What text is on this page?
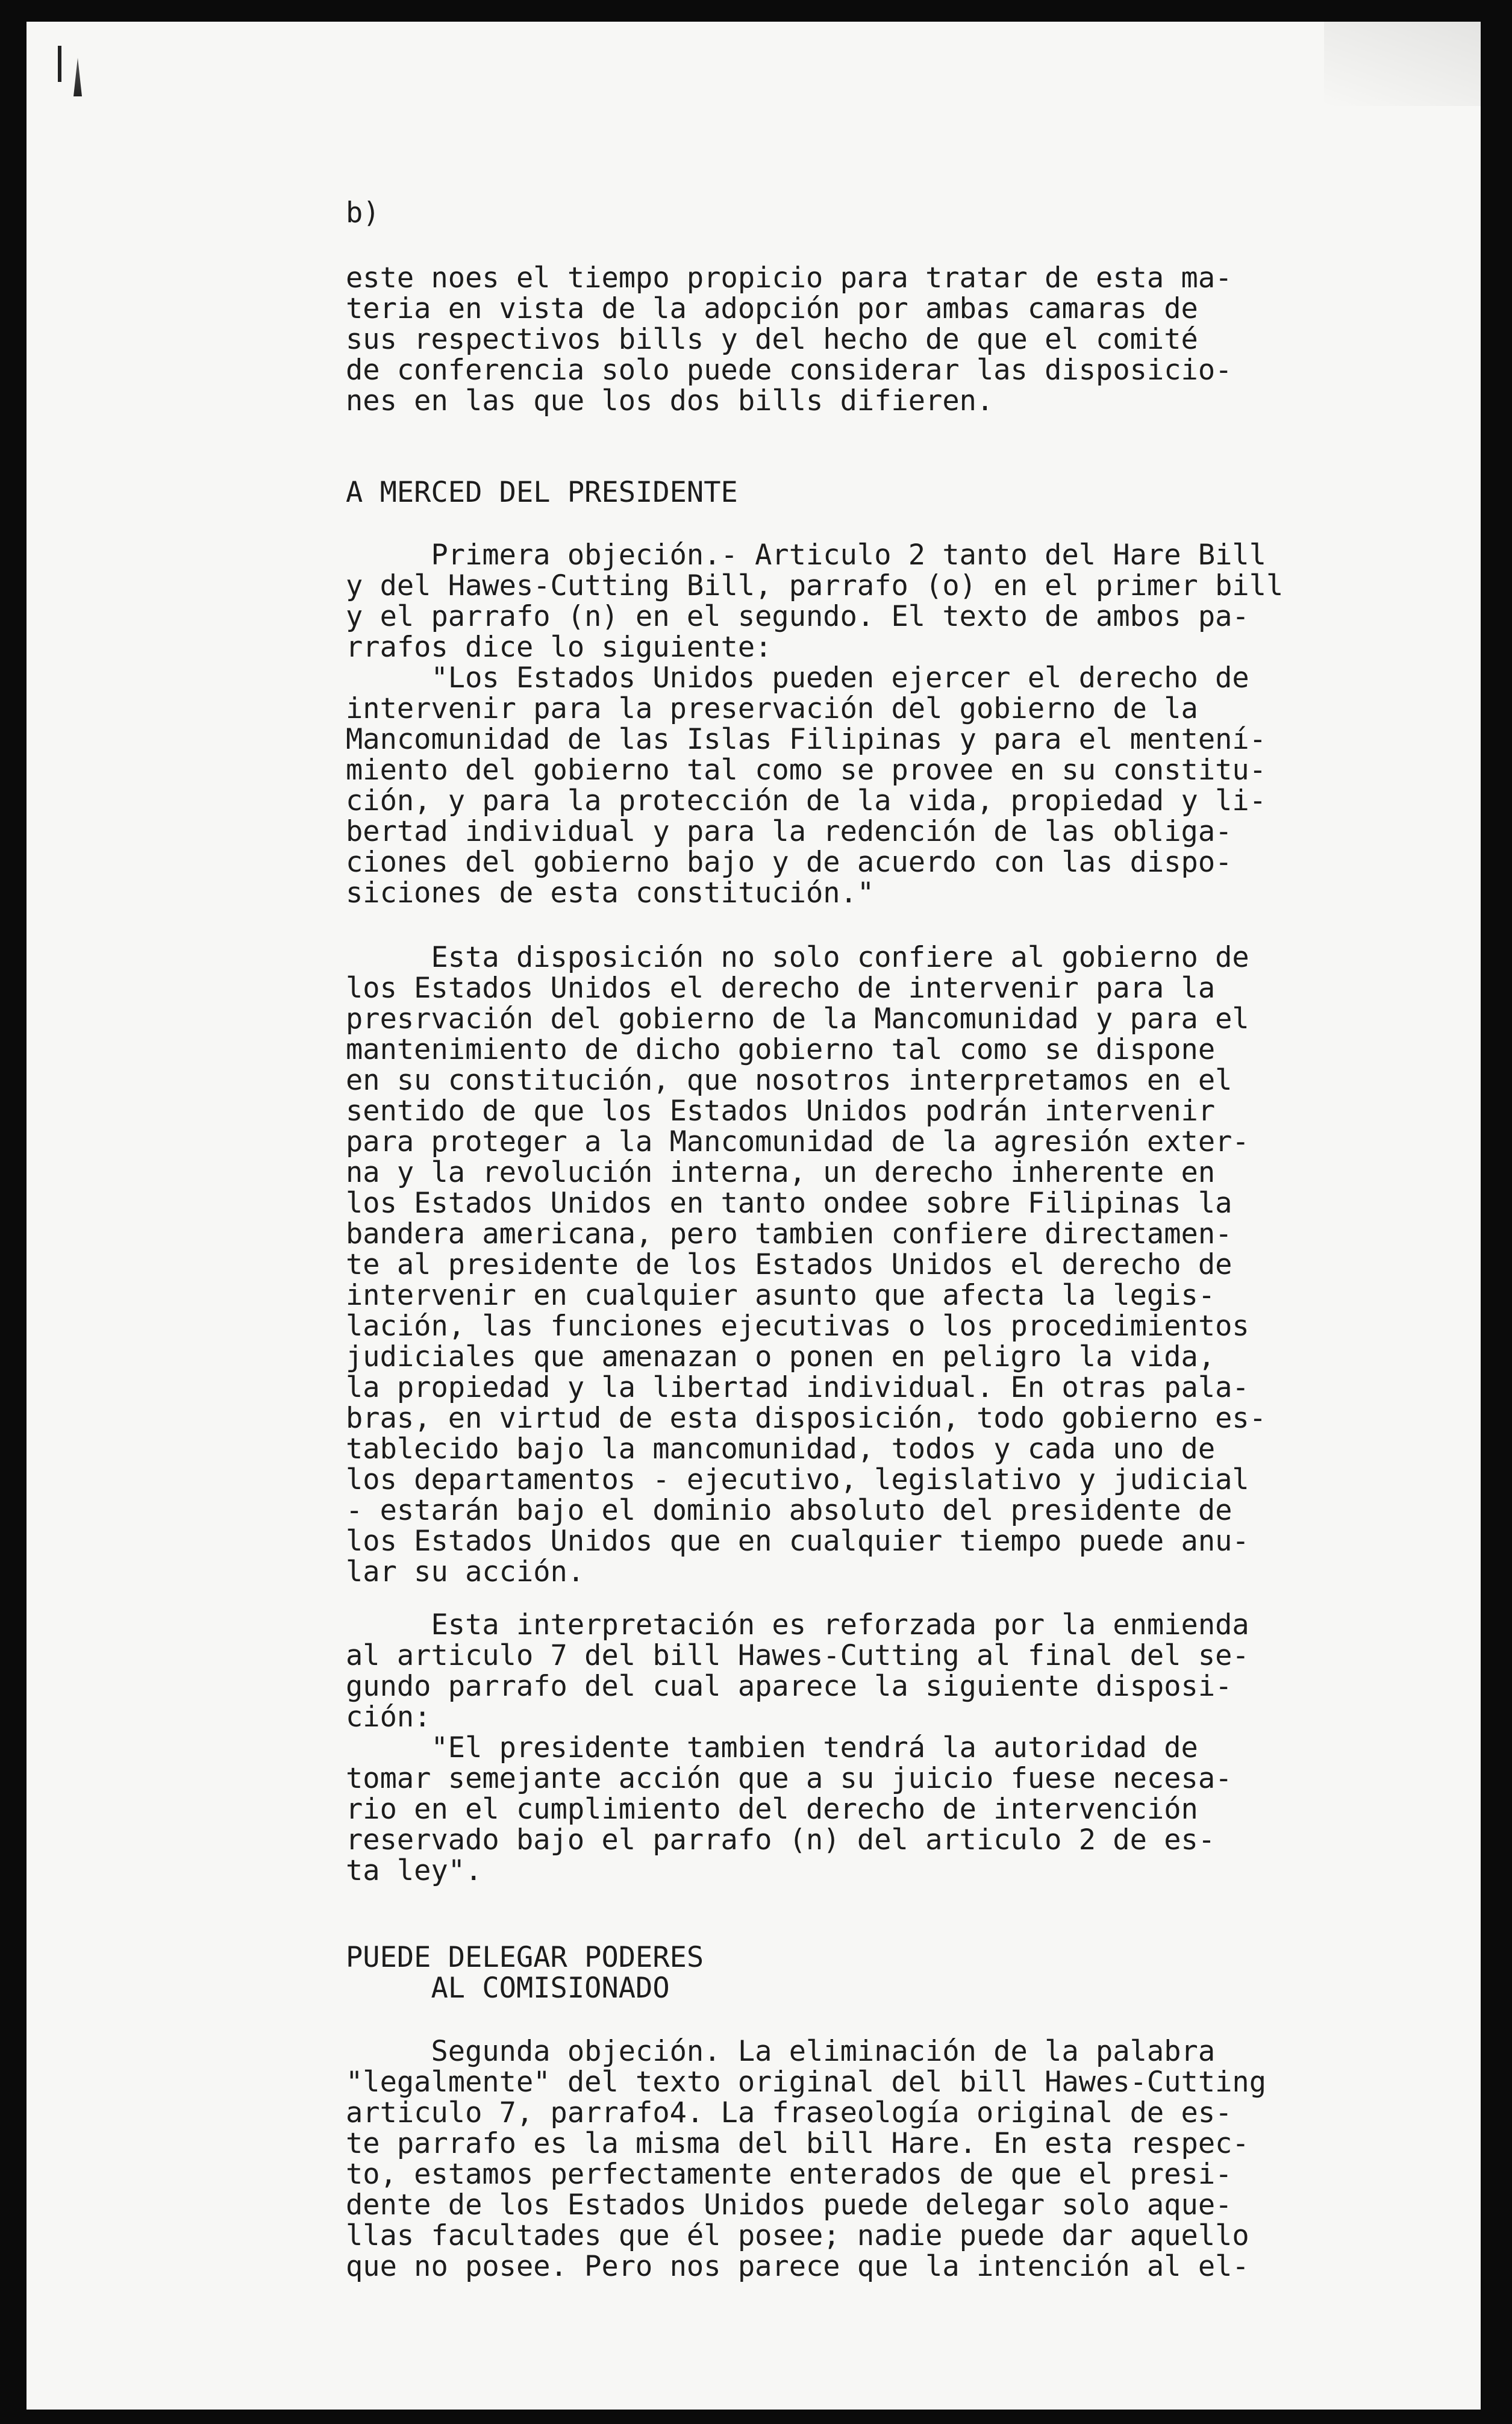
b)
este noes el tiempo propicio para tratar de esta ma-
teria en vista de la adopción por ambas camaras de
sus respectivos bills y del hecho de que el comité
de conferencia solo puede considerar las disposicio-
nes en las que los dos bills difieren.
A MERCED DEL PRESIDENTE
Primera objeción.- Articulo 2 tanto del Hare Bill
y del Hawes-Cutting Bill, parrafo (o) en el primer bill
y el parrafo (n) en el segundo. El texto de ambos pa-
rrafos dice lo siguiente:
"Los Estados Unidos pueden ejercer el derecho de
intervenir para la preservación del gobierno de la
Mancomunidad de las Islas Filipinas y para el mentení-
miento del gobierno tal como se provee en su constitu-
ción, y para la protección de la vida, propiedad y li-
bertad individual y para la redención de las obliga-
ciones del gobierno bajo y de acuerdo con las dispo-
siciones de esta constitución."
Esta disposición no solo confiere al gobierno de
los Estados Unidos el derecho de intervenir para la
presrvación del gobierno de la Mancomunidad y para el
mantenimiento de dicho gobierno tal como se dispone
en su constitución, que nosotros interpretamos en el
sentido de que los Estados Unidos podrán intervenir
para proteger a la Mancomunidad de la agresión exter-
na y la revolución interna, un derecho inherente en
los Estados Unidos en tanto ondee sobre Filipinas la
bandera americana, pero tambien confiere directamen-
te al presidente de los Estados Unidos el derecho de
intervenir en cualquier asunto que afecta la legis-
lación, las funciones ejecutivas o los procedimientos
judiciales que amenazan o ponen en peligro la vida,
la propiedad y la libertad individual. En otras pala-
bras, en virtud de esta disposición, todo gobierno es-
tablecido bajo la mancomunidad, todos y cada uno de
los departamentos - ejecutivo, legislativo y judicial
- estarán bajo el dominio absoluto del presidente de
los Estados Unidos que en cualquier tiempo puede anu-
lar su acción.
Esta interpretación es reforzada por la enmienda
al articulo 7 del bill Hawes-Cutting al final del se-
gundo parrafo del cual aparece la siguiente disposi-
ción:
"El presidente tambien tendrá la autoridad de
tomar semejante acción que a su juicio fuese necesa-
rio en el cumplimiento del derecho de intervención
reservado bajo el parrafo (n) del articulo 2 de es-
ta ley".
PUEDE DELEGAR PODERES
AL COMISIONADO
Segunda objeción. La eliminación de la palabra
"legalmente" del texto original del bill Hawes-Cutting
articulo 7, parrafo4. La fraseología original de es-
te parrafo es la misma del bill Hare. En esta respec-
to, estamos perfectamente enterados de que el presi-
dente de los Estados Unidos puede delegar solo aque-
llas facultades que él posee; nadie puede dar aquello
que no posee. Pero nos parece que la intención al el-
